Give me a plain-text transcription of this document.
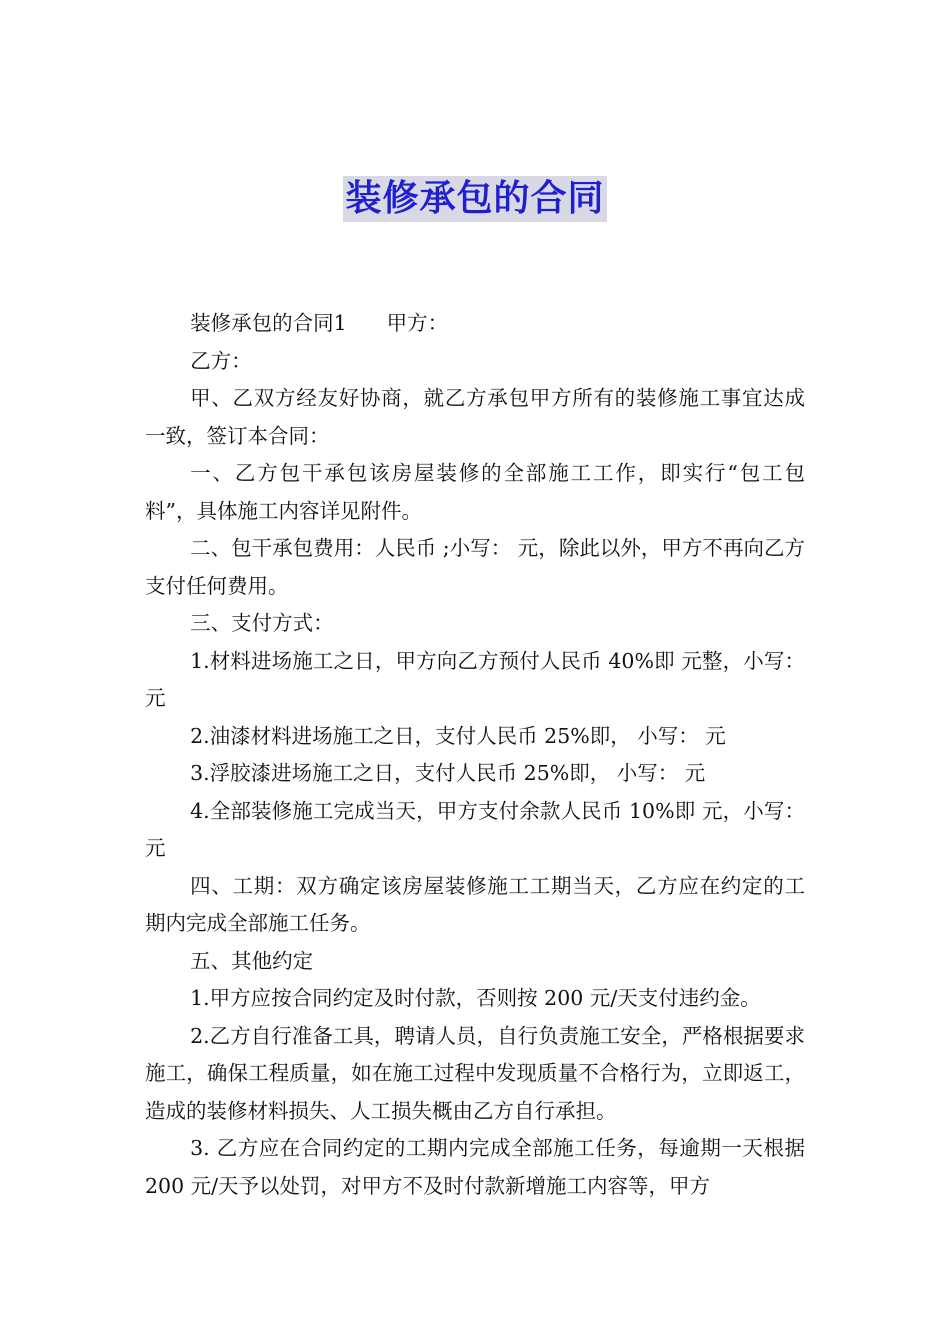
装修承包的合同

装修承包的合同1 甲方：

乙方：

甲、乙双方经友好协商，就乙方承包甲方所有的装修施工事宜达成一致，签订本合同：

一、乙方包干承包该房屋装修的全部施工工作，即实行“包工包料”，具体施工内容详见附件。

二、包干承包费用：人民币 ;小写： 元，除此以外，甲方不再向乙方支付任何费用。

三、支付方式：

1.材料进场施工之日，甲方向乙方预付人民币 40%即 元整，小写： 元

2.油漆材料进场施工之日，支付人民币 25%即， 小写： 元

3.浮胶漆进场施工之日，支付人民币 25%即， 小写： 元

4.全部装修施工完成当天，甲方支付余款人民币 10%即 元，小写： 元

四、工期：双方确定该房屋装修施工工期当天，乙方应在约定的工期内完成全部施工任务。

五、其他约定

1.甲方应按合同约定及时付款，否则按 200 元/天支付违约金。

2.乙方自行准备工具，聘请人员，自行负责施工安全，严格根据要求施工，确保工程质量，如在施工过程中发现质量不合格行为，立即返工，造成的装修材料损失、人工损失概由乙方自行承担。

3. 乙方应在合同约定的工期内完成全部施工任务，每逾期一天根据 200 元/天予以处罚，对甲方不及时付款新增施工内容等，甲方
